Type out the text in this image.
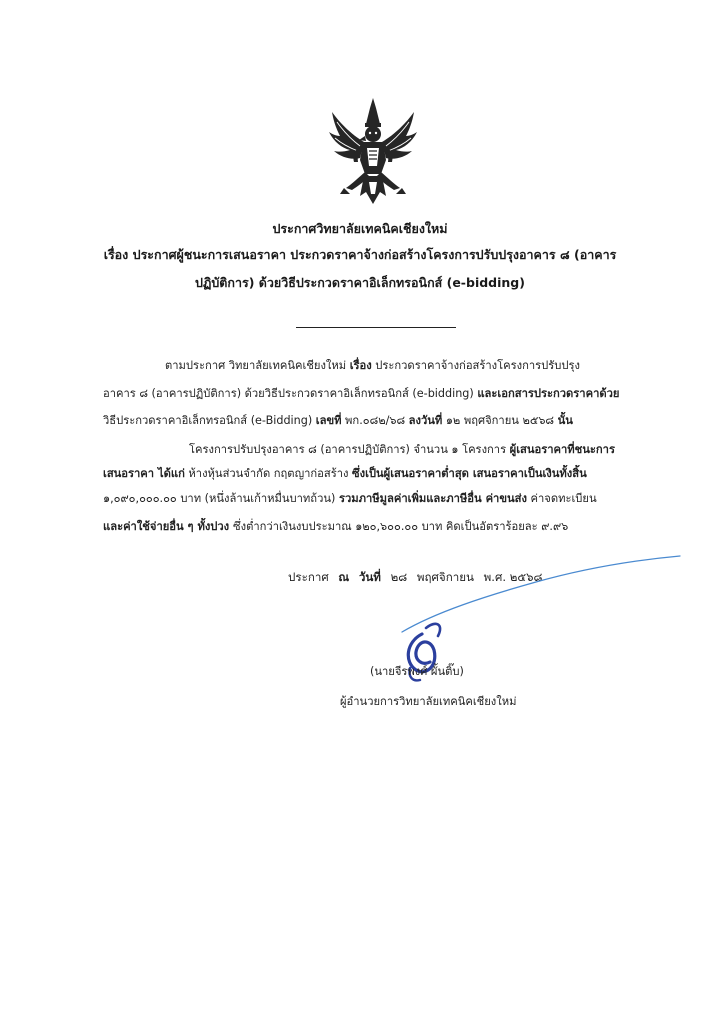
ประกาศวิทยาลัยเทคนิคเชียงใหม่
เรื่อง ประกาศผู้ชนะการเสนอราคา ประกวดราคาจ้างก่อสร้างโครงการปรับปรุงอาคาร ๘ (อาคาร
ปฏิบัติการ) ด้วยวิธีประกวดราคาอิเล็กทรอนิกส์ (e-bidding)
ตามประกาศ วิทยาลัยเทคนิคเชียงใหม่ เรื่อง ประกวดราคาจ้างก่อสร้างโครงการปรับปรุง
อาคาร ๘ (อาคารปฏิบัติการ) ด้วยวิธีประกวดราคาอิเล็กทรอนิกส์ (e-bidding) และเอกสารประกวดราคาด้วย
วิธีประกวดราคาอิเล็กทรอนิกส์ (e-Bidding) เลขที่ พก.๐๘๒/๖๘ ลงวันที่ ๑๒ พฤศจิกายน ๒๕๖๘ นั้น
โครงการปรับปรุงอาคาร ๘ (อาคารปฏิบัติการ) จำนวน ๑ โครงการ ผู้เสนอราคาที่ชนะการ
เสนอราคา ได้แก่ ห้างหุ้นส่วนจำกัด กฤตญาก่อสร้าง ซึ่งเป็นผู้เสนอราคาต่ำสุด เสนอราคาเป็นเงินทั้งสิ้น
๑,๐๙๐,๐๐๐.๐๐ บาท (หนึ่งล้านเก้าหมื่นบาทถ้วน) รวมภาษีมูลค่าเพิ่มและภาษีอื่น ค่าขนส่ง ค่าจดทะเบียน
และค่าใช้จ่ายอื่น ๆ ทั้งปวง ซึ่งต่ำกว่าเงินงบประมาณ ๑๒๐,๖๐๐.๐๐ บาท คิดเป็นอัตราร้อยละ ๙.๙๖
ประกาศ ณ วันที่ ๒๘ พฤศจิกายน พ.ศ. ๒๕๖๘
(นายจีรพงศ์ ผั้นติ๊บ)
ผู้อำนวยการวิทยาลัยเทคนิคเชียงใหม่
